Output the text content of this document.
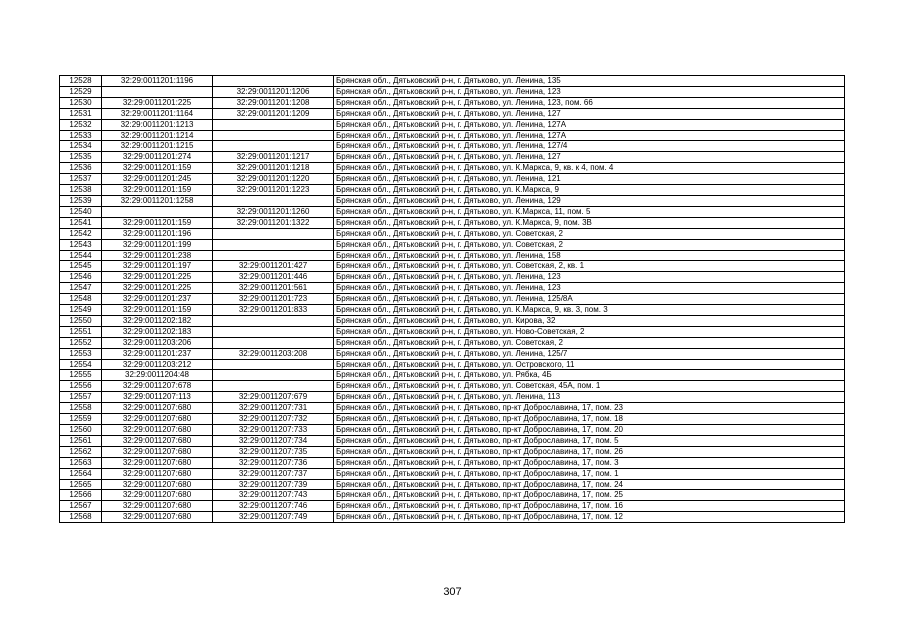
12528	32:29:0011201:1196		Брянская обл., Дятьковский р-н, г. Дятьково, ул. Ленина, 135
12529		32:29:0011201:1206	Брянская обл., Дятьковский р-н, г. Дятьково, ул. Ленина, 123
12530	32:29:0011201:225	32:29:0011201:1208	Брянская обл., Дятьковский р-н, г. Дятьково, ул. Ленина, 123, пом. 66
12531	32:29:0011201:1164	32:29:0011201:1209	Брянская обл., Дятьковский р-н, г. Дятьково, ул. Ленина, 127
12532	32:29:0011201:1213		Брянская обл., Дятьковский р-н, г. Дятьково, ул. Ленина, 127А
12533	32:29:0011201:1214		Брянская обл., Дятьковский р-н, г. Дятьково, ул. Ленина, 127А
12534	32:29:0011201:1215		Брянская обл., Дятьковский р-н, г. Дятьково, ул. Ленина, 127/4
12535	32:29:0011201:274	32:29:0011201:1217	Брянская обл., Дятьковский р-н, г. Дятьково, ул. Ленина, 127
12536	32:29:0011201:159	32:29:0011201:1218	Брянская обл., Дятьковский р-н, г. Дятьково, ул. К.Маркса, 9, кв. к 4, пом. 4
12537	32:29:0011201:245	32:29:0011201:1220	Брянская обл., Дятьковский р-н, г. Дятьково, ул. Ленина, 121
12538	32:29:0011201:159	32:29:0011201:1223	Брянская обл., Дятьковский р-н, г. Дятьково, ул. К.Маркса, 9
12539	32:29:0011201:1258		Брянская обл., Дятьковский р-н, г. Дятьково, ул. Ленина, 129
12540		32:29:0011201:1260	Брянская обл., Дятьковский р-н, г. Дятьково, ул. К.Маркса, 11, пом. 5
12541	32:29:0011201:159	32:29:0011201:1322	Брянская обл., Дятьковский р-н, г. Дятьково, ул. К.Маркса, 9, пом. 3В
12542	32:29:0011201:196		Брянская обл., Дятьковский р-н, г. Дятьково, ул. Советская, 2
12543	32:29:0011201:199		Брянская обл., Дятьковский р-н, г. Дятьково, ул. Советская, 2
12544	32:29:0011201:238		Брянская обл., Дятьковский р-н, г. Дятьково, ул. Ленина, 158
12545	32:29:0011201:197	32:29:0011201:427	Брянская обл., Дятьковский р-н, г. Дятьково, ул. Советская, 2, кв. 1
12546	32:29:0011201:225	32:29:0011201:446	Брянская обл., Дятьковский р-н, г. Дятьково, ул. Ленина, 123
12547	32:29:0011201:225	32:29:0011201:561	Брянская обл., Дятьковский р-н, г. Дятьково, ул. Ленина, 123
12548	32:29:0011201:237	32:29:0011201:723	Брянская обл., Дятьковский р-н, г. Дятьково, ул. Ленина, 125/8А
12549	32:29:0011201:159	32:29:0011201:833	Брянская обл., Дятьковский р-н, г. Дятьково, ул. К.Маркса, 9, кв. 3, пом. 3
12550	32:29:0011202:182		Брянская обл., Дятьковский р-н, г. Дятьково, ул. Кирова, 32
12551	32:29:0011202:183		Брянская обл., Дятьковский р-н, г. Дятьково, ул. Ново-Советская, 2
12552	32:29:0011203:206		Брянская обл., Дятьковский р-н, г. Дятьково, ул. Советская, 2
12553	32:29:0011201:237	32:29:0011203:208	Брянская обл., Дятьковский р-н, г. Дятьково, ул. Ленина, 125/7
12554	32:29:0011203:212		Брянская обл., Дятьковский р-н, г. Дятьково, ул. Островского, 11
12555	32:29:0011204:48		Брянская обл., Дятьковский р-н, г. Дятьково, ул. Рябка, 4Б
12556	32:29:0011207:678		Брянская обл., Дятьковский р-н, г. Дятьково, ул. Советская, 45А, пом. 1
12557	32:29:0011207:113	32:29:0011207:679	Брянская обл., Дятьковский р-н, г. Дятьково, ул. Ленина, 113
12558	32:29:0011207:680	32:29:0011207:731	Брянская обл., Дятьковский р-н, г. Дятьково, пр-кт Доброславина, 17, пом. 23
12559	32:29:0011207:680	32:29:0011207:732	Брянская обл., Дятьковский р-н, г. Дятьково, пр-кт Доброславина, 17, пом. 18
12560	32:29:0011207:680	32:29:0011207:733	Брянская обл., Дятьковский р-н, г. Дятьково, пр-кт Доброславина, 17, пом. 20
12561	32:29:0011207:680	32:29:0011207:734	Брянская обл., Дятьковский р-н, г. Дятьково, пр-кт Доброславина, 17, пом. 5
12562	32:29:0011207:680	32:29:0011207:735	Брянская обл., Дятьковский р-н, г. Дятьково, пр-кт Доброславина, 17, пом. 26
12563	32:29:0011207:680	32:29:0011207:736	Брянская обл., Дятьковский р-н, г. Дятьково, пр-кт Доброславина, 17, пом. 3
12564	32:29:0011207:680	32:29:0011207:737	Брянская обл., Дятьковский р-н, г. Дятьково, пр-кт Доброславина, 17, пом. 1
12565	32:29:0011207:680	32:29:0011207:739	Брянская обл., Дятьковский р-н, г. Дятьково, пр-кт Доброславина, 17, пом. 24
12566	32:29:0011207:680	32:29:0011207:743	Брянская обл., Дятьковский р-н, г. Дятьково, пр-кт Доброславина, 17, пом. 25
12567	32:29:0011207:680	32:29:0011207:746	Брянская обл., Дятьковский р-н, г. Дятьково, пр-кт Доброславина, 17, пом. 16
12568	32:29:0011207:680	32:29:0011207:749	Брянская обл., Дятьковский р-н, г. Дятьково, пр-кт Доброславина, 17, пом. 12
307
